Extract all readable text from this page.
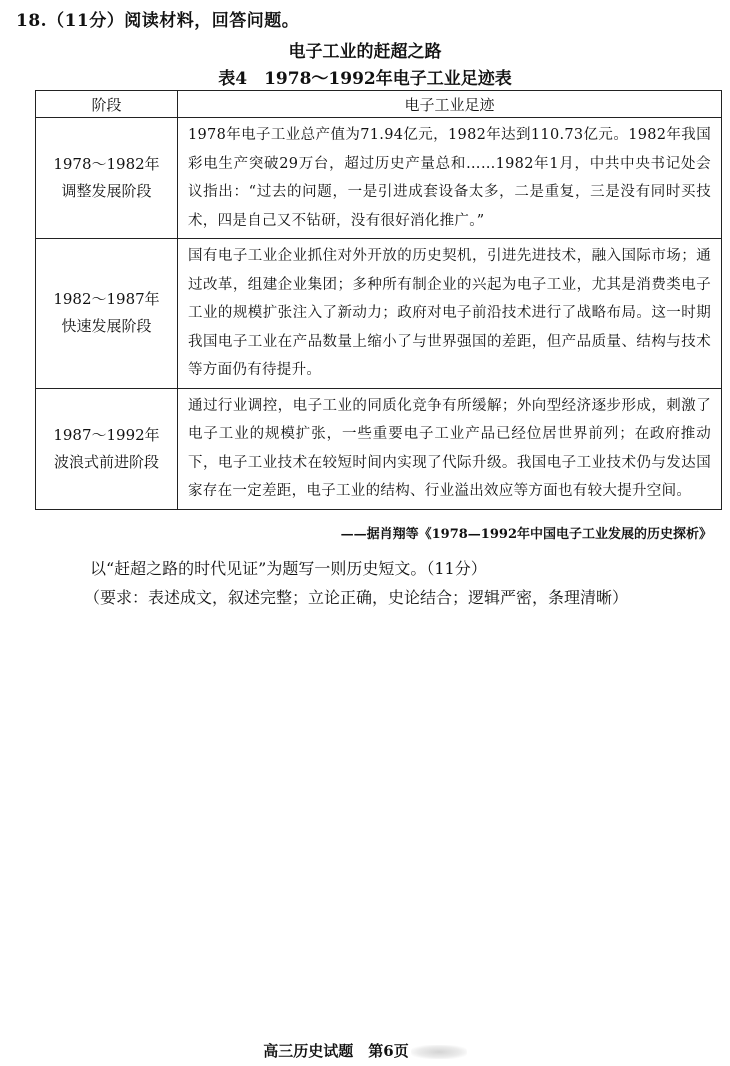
18.（11分）阅读材料，回答问题。
电子工业的赶超之路
表4　1978～1992年电子工业足迹表
阶段	电子工业足迹

1978～1982年
调整发展阶段	1978年电子工业总产值为71.94亿元，1982年达到110.73亿元。1982年我国彩电生产突破29万台，超过历史产量总和……1982年1月，中共中央书记处会议指出：“过去的问题，一是引进成套设备太多，二是重复，三是没有同时买技术，四是自己又不钻研，没有很好消化推广。”

1982～1987年
快速发展阶段	国有电子工业企业抓住对外开放的历史契机，引进先进技术，融入国际市场；通过改革，组建企业集团；多种所有制企业的兴起为电子工业，尤其是消费类电子工业的规模扩张注入了新动力；政府对电子前沿技术进行了战略布局。这一时期我国电子工业在产品数量上缩小了与世界强国的差距，但产品质量、结构与技术等方面仍有待提升。

1987～1992年
波浪式前进阶段	通过行业调控，电子工业的同质化竞争有所缓解；外向型经济逐步形成，刺激了电子工业的规模扩张，一些重要电子工业产品已经位居世界前列；在政府推动下，电子工业技术在较短时间内实现了代际升级。我国电子工业技术仍与发达国家存在一定差距，电子工业的结构、行业溢出效应等方面也有较大提升空间。
——据肖翔等《1978—1992年中国电子工业发展的历史探析》
以“赶超之路的时代见证”为题写一则历史短文。（11分）
（要求：表述成文，叙述完整；立论正确，史论结合；逻辑严密，条理清晰）
高三历史试题　第6页
